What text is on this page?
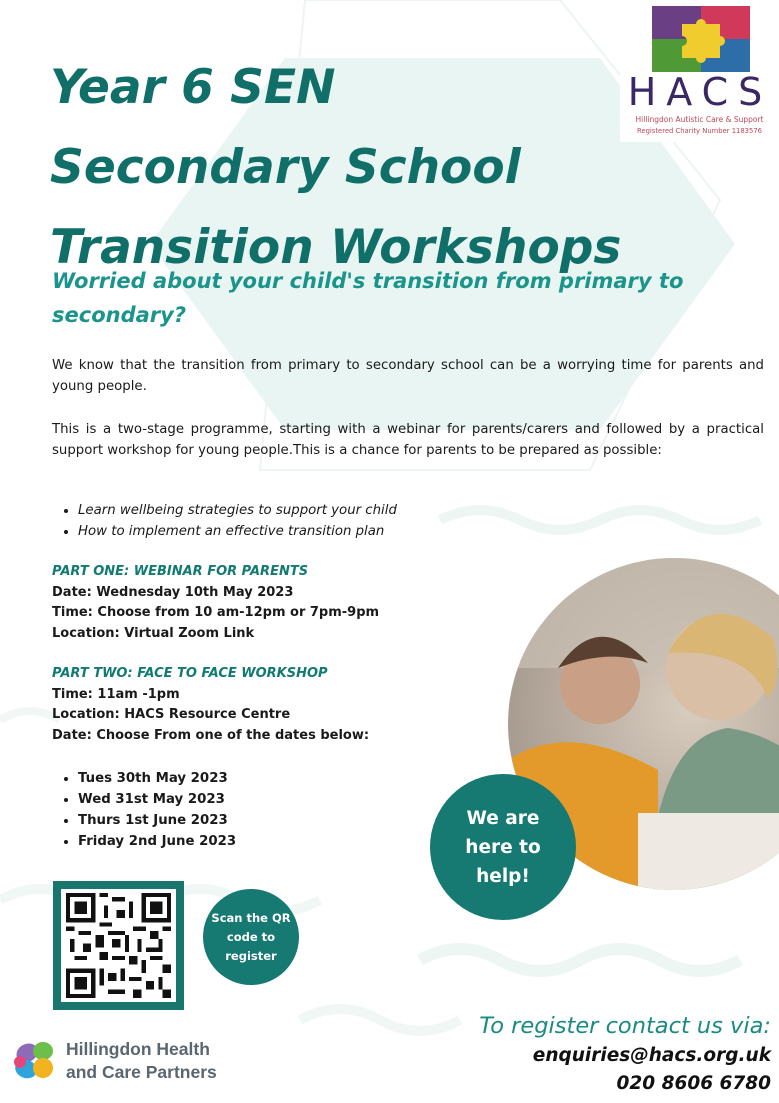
HACS
Hillingdon Autistic Care & Support
Registered Charity Number 1183576
Year 6 SEN
Secondary School
Transition Workshops
Worried about your child's transition from primary to secondary?

We know that the transition from primary to secondary school can be a worrying time for parents and young people.

This is a two-stage programme, starting with a webinar for parents/carers and followed by a practical support workshop for young people.This is a chance for parents to be prepared as possible:

• Learn wellbeing strategies to support your child
• How to implement an effective transition plan
PART ONE: WEBINAR FOR PARENTS
Date: Wednesday 10th May 2023
Time: Choose from 10 am-12pm or 7pm-9pm
Location: Virtual Zoom Link
PART TWO: FACE TO FACE WORKSHOP
Time: 11am -1pm
Location: HACS Resource Centre
Date: Choose From one of the dates below:
• Tues 30th May 2023
• Wed 31st May 2023
• Thurs 1st June 2023
• Friday 2nd June 2023
We are
here to
help!
Scan the QR
code to
register
Hillingdon Health
and Care Partners
To register contact us via:
enquiries@hacs.org.uk
020 8606 6780
